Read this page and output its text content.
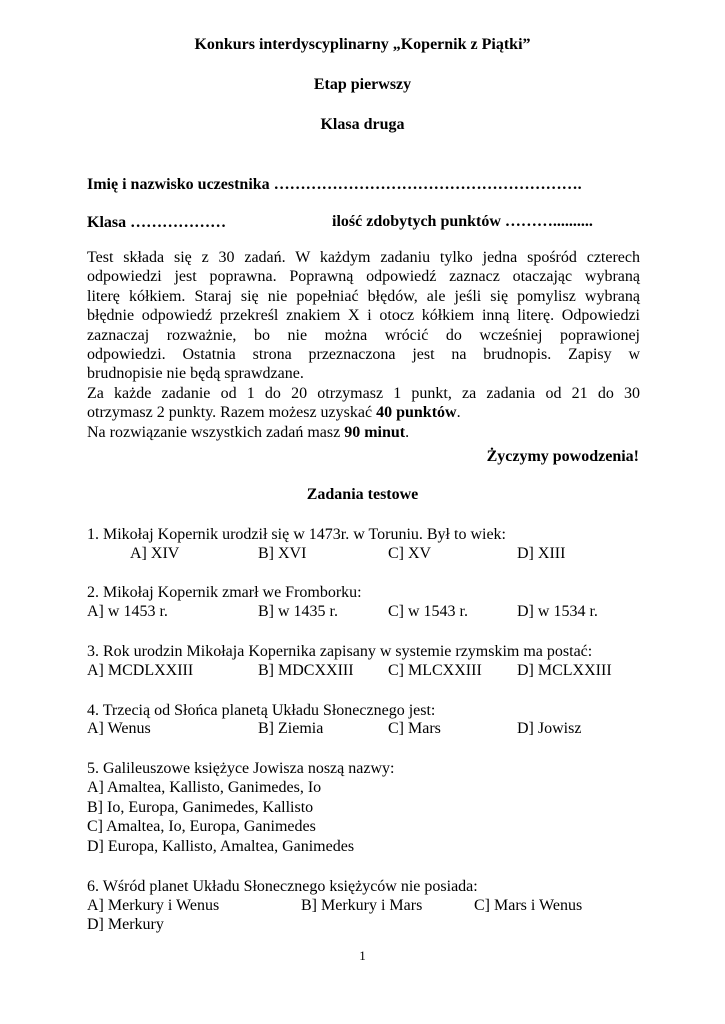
Konkurs interdyscyplinarny „Kopernik z Piątki”
Etap pierwszy
Klasa druga
Imię i nazwisko uczestnika ………………………………………………….
Klasa ………………	ilość zdobytych punktów ………..........

Test składa się z 30 zadań. W każdym zadaniu tylko jedna spośród czterech

odpowiedzi jest poprawna. Poprawną odpowiedź zaznacz otaczając wybraną

literę kółkiem. Staraj się nie popełniać błędów, ale jeśli się pomylisz wybraną

błędnie odpowiedź przekreśl znakiem X i otocz kółkiem inną literę. Odpowiedzi

zaznaczaj rozważnie, bo nie można wrócić do wcześniej poprawionej

odpowiedzi. Ostatnia strona przeznaczona jest na brudnopis. Zapisy w

brudnopisie nie będą sprawdzane.

Za każde zadanie od 1 do 20 otrzymasz 1 punkt, za zadania od 21 do 30

otrzymasz 2 punkty. Razem możesz uzyskać 40 punktów.

Na rozwiązanie wszystkich zadań masz 90 minut.

Życzymy powodzenia!
Zadania testowe
1. Mikołaj Kopernik urodził się w 1473r. w Toruniu. Był to wiek:
A] XIV	B] XVI	C] XV	D] XIII
2. Mikołaj Kopernik zmarł we Fromborku:
A] w 1453 r.	B] w 1435 r.	C] w 1543 r.	D] w 1534 r.
3. Rok urodzin Mikołaja Kopernika zapisany w systemie rzymskim ma postać:
A] MCDLXXIII	B] MDCXXIII C] MLCXXIII D] MCLXXIII
4. Trzecią od Słońca planetą Układu Słonecznego jest:
A] Wenus	B] Ziemia	C] Mars	D] Jowisz
5. Galileuszowe księżyce Jowisza noszą nazwy:
A] Amaltea, Kallisto, Ganimedes, Io
B] Io, Europa, Ganimedes, Kallisto
C] Amaltea, Io, Europa, Ganimedes
D] Europa, Kallisto, Amaltea, Ganimedes
6. Wśród planet Układu Słonecznego księżyców nie posiada:
A] Merkury i Wenus	B] Merkury i Mars	C] Mars i Wenus
D] Merkury
1
